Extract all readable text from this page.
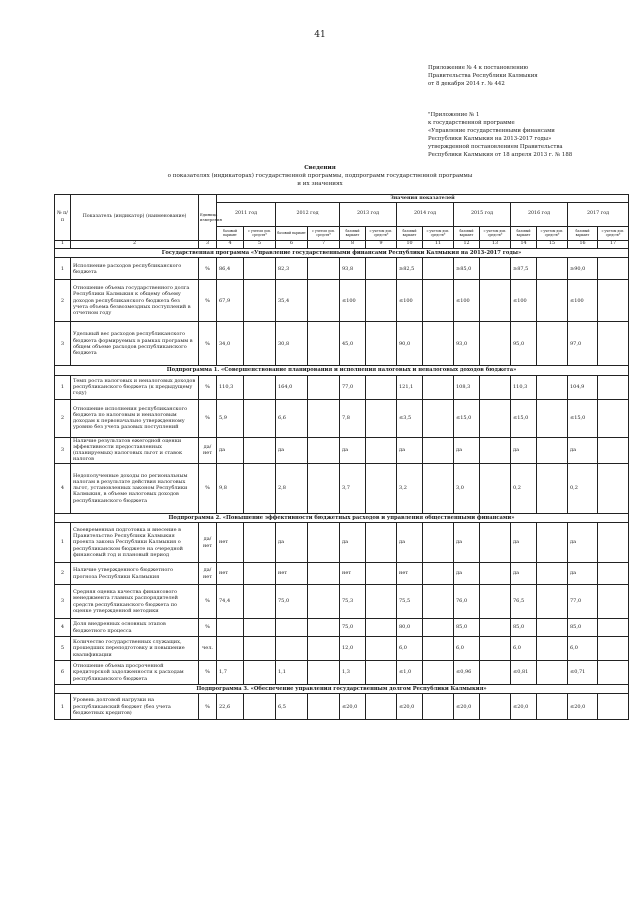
41
Приложение № 4 к постановлению
Правительства Республики Калмыкия
от 8 декабря 2014 г. № 442
"Приложение № 1
к государственной программе
«Управление государственными финансами
Республики Калмыкия на 2013-2017 годы»
утвержденной постановлением Правительства
Республики Калмыкия от 18 апреля 2013 г. № 188
Сведения
о показателях (индикаторах) государственной программы, подпрограмм государственной программы
и их значениях
№ п/п	Показатель (индикатор) (наименование)	Единица измерения	Значения показателей													
			2011 год		2012 год		2013 год		2014 год		2015 год		2016 год		2017 год	
			базовый вариант	с учетом доп. средств*	базовый вариант	с учетом доп. средств*	базовый вариант	с учетом доп. средств*	базовый вариант	с учетом доп. средств*	базовый вариант	с учетом доп. средств*	базовый вариант	с учетом доп. средств*	базовый вариант	с учетом доп. средств*
1	2	3	4	5	6	7	8	9	10	11	12	13	14	15	16	17
Государственная программа «Управление государственными финансами Республики Калмыкия на 2013-2017 годы»																
1	Исполнение расходов республиканского бюджета	%	86,4		82,3		93,8		≥82,5		≥85,0		≥87,5		≥90,0	
2	Отношение объема государственного долга Республики Калмыкия к общему объему доходов республиканского бюджета без учета объема безвозмездных поступлений в отчетном году	%	67,9		35,4		≤100		≤100		≤100		≤100		≤100	
3	Удельный вес расходов республиканского бюджета формируемых в рамках программ в общем объеме расходов республиканского бюджета	%	34,0		30,8		45,0		90,0		93,0		95,0		97,0	
Подпрограмма 1. «Совершенствование планирования и исполнения налоговых и неналоговых доходов бюджета»																
1	Темп роста налоговых и неналоговых доходов республиканского бюджета (к предыдущему году)	%	110,3		164,0		77,0		121,1		108,3		110,3		104,9	
2	Отношение исполнения республиканского бюджета по налоговым и неналоговым доходам к первоначально утвержденному уровню без учета разовых поступлений	%	5,9		6,6		7,8		≤3,5		≤15,0		≤15,0		≤15,0	
3	Наличие результатов ежегодной оценки эффективности предоставленных (планируемых) налоговых льгот и ставок налогов	да/нет	да		да		да		да		да		да		да	
4	Недополученные доходы по региональным налогам в результате действия налоговых льгот, установленных законом Республики Калмыкия, в объеме налоговых доходов республиканского бюджета	%	9,8		2,8		3,7		3,2		3,0		0,2		0,2	
Подпрограмма 2. «Повышение эффективности бюджетных расходов и управления общественными финансами»																
1	Своевременная подготовка и внесение в Правительство Республики Калмыкия проекта закона Республики Калмыкия о республиканском бюджете на очередной финансовый год и плановый период	да/нет	нет		да		да		да		да		да		да	
2	Наличие утвержденного бюджетного прогноза Республики Калмыкия	да/нет	нет		нет		нет		нет		да		да		да	
3	Средняя оценка качества финансового менеджмента главных распорядителей средств республиканского бюджета по оценке утвержденной методики	%	74,4		75,0		75,3		75,5		76,0		76,5		77,0	
4	Доля внедренных основных этапов бюджетного процесса	%					75,0		80,0		85,0		85,0		85,0	
5	Количество государственных служащих, прошедших переподготовку и повышение квалификации	чел.					12,0		6,0		6,0		6,0		6,0	
6	Отношение объема просроченной кредиторской задолженности к расходам республиканского бюджета	%	1,7		1,1		1,3		≤1,0		≤0,96		≤0,81		≤0,71	
Подпрограмма 3. «Обеспечение управления государственным долгом Республики Калмыкия»																
1	Уровень долговой нагрузки на республиканский бюджет (без учета бюджетных кредитов)	%	22,6		6,5		≤20,0		≤20,0		≤20,0		≤20,0		≤20,0	
